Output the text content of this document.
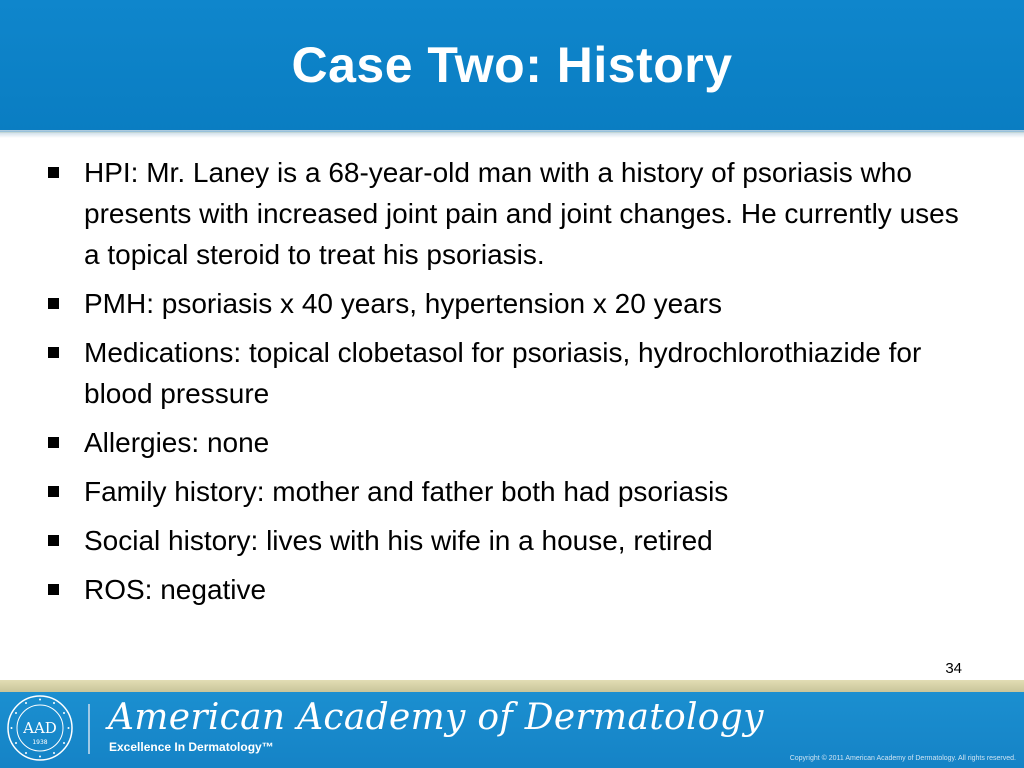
Case Two: History
HPI: Mr. Laney is a 68-year-old man with a history of psoriasis who presents with increased joint pain and joint changes. He currently uses a topical steroid to treat his psoriasis.
PMH: psoriasis x 40 years, hypertension x 20 years
Medications: topical clobetasol for psoriasis, hydrochlorothiazide for blood pressure
Allergies: none
Family history: mother and father both had psoriasis
Social history: lives with his wife in a house, retired
ROS: negative
34
AAD
1938
American Academy of Dermatology
Excellence In Dermatology™
Copyright © 2011 American Academy of Dermatology. All rights reserved.
